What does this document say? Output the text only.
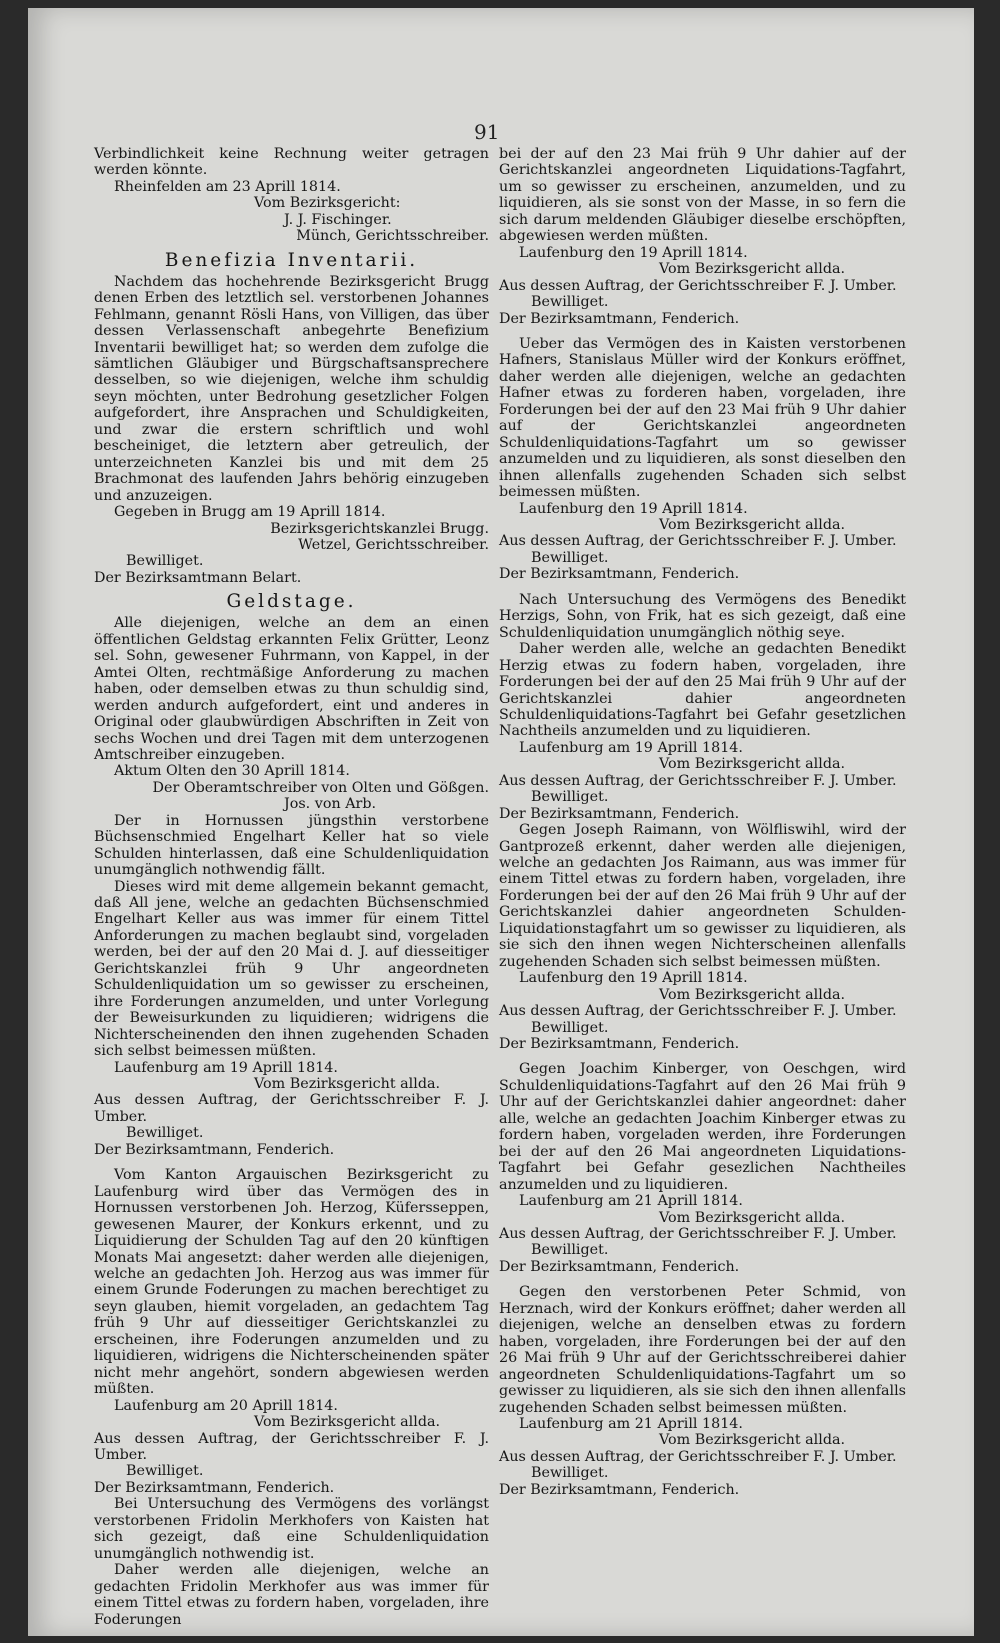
91

Verbindlichkeit keine Rechnung weiter getragen werden könnte.

Rheinfelden am 23 Aprill 1814.

Vom Bezirksgericht:

J. J. Fischinger.

Münch, Gerichtsschreiber.

Benefizia Inventarii.

Nachdem das hochehrende Bezirksgericht Brugg denen Erben des letztlich sel. verstorbenen Johannes Fehlmann, genannt Rösli Hans, von Villigen, das über dessen Verlassenschaft anbegehrte Benefizium Inventarii bewilliget hat; so werden dem zufolge die sämtlichen Gläubiger und Bürgschaftsansprechere desselben, so wie diejenigen, welche ihm schuldig seyn möchten, unter Bedrohung gesetzlicher Folgen aufgefordert, ihre Ansprachen und Schuldigkeiten, und zwar die erstern schriftlich und wohl bescheiniget, die letztern aber getreulich, der unterzeichneten Kanzlei bis und mit dem 25 Brachmonat des laufenden Jahrs behörig einzugeben und anzuzeigen.

Gegeben in Brugg am 19 Aprill 1814.

Bezirksgerichtskanzlei Brugg.

Wetzel, Gerichtsschreiber.

Bewilliget.

Der Bezirksamtmann Belart.

Geldstage.

Alle diejenigen, welche an dem an einen öffentlichen Geldstag erkannten Felix Grütter, Leonz sel. Sohn, gewesener Fuhrmann, von Kappel, in der Amtei Olten, rechtmäßige Anforderung zu machen haben, oder demselben etwas zu thun schuldig sind, werden andurch aufgefordert, eint und anderes in Original oder glaubwürdigen Abschriften in Zeit von sechs Wochen und drei Tagen mit dem unterzogenen Amtschreiber einzugeben.

Aktum Olten den 30 Aprill 1814.

Der Oberamtschreiber von Olten und Gößgen.

Jos. von Arb.

Der in Hornussen jüngsthin verstorbene Büchsenschmied Engelhart Keller hat so viele Schulden hinterlassen, daß eine Schuldenliquidation unumgänglich nothwendig fällt.

Dieses wird mit deme allgemein bekannt gemacht, daß All jene, welche an gedachten Büchsenschmied Engelhart Keller aus was immer für einem Tittel Anforderungen zu machen beglaubt sind, vorgeladen werden, bei der auf den 20 Mai d. J. auf diesseitiger Gerichtskanzlei früh 9 Uhr angeordneten Schuldenliquidation um so gewisser zu erscheinen, ihre Forderungen anzumelden, und unter Vorlegung der Beweisurkunden zu liquidieren; widrigens die Nichterscheinenden den ihnen zugehenden Schaden sich selbst beimessen müßten.

Laufenburg am 19 Aprill 1814.

Vom Bezirksgericht allda.

Aus dessen Auftrag, der Gerichtsschreiber F. J. Umber.

Bewilliget.

Der Bezirksamtmann, Fenderich.

Vom Kanton Argauischen Bezirksgericht zu Laufenburg wird über das Vermögen des in Hornussen verstorbenen Joh. Herzog, Küfersseppen, gewesenen Maurer, der Konkurs erkennt, und zu Liquidierung der Schulden Tag auf den 20 künftigen Monats Mai angesetzt: daher werden alle diejenigen, welche an gedachten Joh. Herzog aus was immer für einem Grunde Foderungen zu machen berechtiget zu seyn glauben, hiemit vorgeladen, an gedachtem Tag früh 9 Uhr auf diesseitiger Gerichtskanzlei zu erscheinen, ihre Foderungen anzumelden und zu liquidieren, widrigens die Nichterscheinenden später nicht mehr angehört, sondern abgewiesen werden müßten.

Laufenburg am 20 Aprill 1814.

Vom Bezirksgericht allda.

Aus dessen Auftrag, der Gerichtsschreiber F. J. Umber.

Bewilliget.

Der Bezirksamtmann, Fenderich.

Bei Untersuchung des Vermögens des vorlängst verstorbenen Fridolin Merkhofers von Kaisten hat sich gezeigt, daß eine Schuldenliquidation unumgänglich nothwendig ist.

Daher werden alle diejenigen, welche an gedachten Fridolin Merkhofer aus was immer für einem Tittel etwas zu fordern haben, vorgeladen, ihre Foderungen

bei der auf den 23 Mai früh 9 Uhr dahier auf der Gerichtskanzlei angeordneten Liquidations-Tagfahrt, um so gewisser zu erscheinen, anzumelden, und zu liquidieren, als sie sonst von der Masse, in so fern die sich darum meldenden Gläubiger dieselbe erschöpften, abgewiesen werden müßten.

Laufenburg den 19 Aprill 1814.

Vom Bezirksgericht allda.

Aus dessen Auftrag, der Gerichtsschreiber F. J. Umber.

Bewilliget.

Der Bezirksamtmann, Fenderich.

Ueber das Vermögen des in Kaisten verstorbenen Hafners, Stanislaus Müller wird der Konkurs eröffnet, daher werden alle diejenigen, welche an gedachten Hafner etwas zu forderen haben, vorgeladen, ihre Forderungen bei der auf den 23 Mai früh 9 Uhr dahier auf der Gerichtskanzlei angeordneten Schuldenliquidations-Tagfahrt um so gewisser anzumelden und zu liquidieren, als sonst dieselben den ihnen allenfalls zugehenden Schaden sich selbst beimessen müßten.

Laufenburg den 19 Aprill 1814.

Vom Bezirksgericht allda.

Aus dessen Auftrag, der Gerichtsschreiber F. J. Umber.

Bewilliget.

Der Bezirksamtmann, Fenderich.

Nach Untersuchung des Vermögens des Benedikt Herzigs, Sohn, von Frik, hat es sich gezeigt, daß eine Schuldenliquidation unumgänglich nöthig seye.

Daher werden alle, welche an gedachten Benedikt Herzig etwas zu fodern haben, vorgeladen, ihre Forderungen bei der auf den 25 Mai früh 9 Uhr auf der Gerichtskanzlei dahier angeordneten Schuldenliquidations-Tagfahrt bei Gefahr gesetzlichen Nachtheils anzumelden und zu liquidieren.

Laufenburg am 19 Aprill 1814.

Vom Bezirksgericht allda.

Aus dessen Auftrag, der Gerichtsschreiber F. J. Umber.

Bewilliget.

Der Bezirksamtmann, Fenderich.

Gegen Joseph Raimann, von Wölfliswihl, wird der Gantprozeß erkennt, daher werden alle diejenigen, welche an gedachten Jos Raimann, aus was immer für einem Tittel etwas zu fordern haben, vorgeladen, ihre Forderungen bei der auf den 26 Mai früh 9 Uhr auf der Gerichtskanzlei dahier angeordneten Schulden-Liquidationstagfahrt um so gewisser zu liquidieren, als sie sich den ihnen wegen Nichterscheinen allenfalls zugehenden Schaden sich selbst beimessen müßten.

Laufenburg den 19 Aprill 1814.

Vom Bezirksgericht allda.

Aus dessen Auftrag, der Gerichtsschreiber F. J. Umber.

Bewilliget.

Der Bezirksamtmann, Fenderich.

Gegen Joachim Kinberger, von Oeschgen, wird Schuldenliquidations-Tagfahrt auf den 26 Mai früh 9 Uhr auf der Gerichtskanzlei dahier angeordnet: daher alle, welche an gedachten Joachim Kinberger etwas zu fordern haben, vorgeladen werden, ihre Forderungen bei der auf den 26 Mai angeordneten Liquidations-Tagfahrt bei Gefahr gesezlichen Nachtheiles anzumelden und zu liquidieren.

Laufenburg am 21 Aprill 1814.

Vom Bezirksgericht allda.

Aus dessen Auftrag, der Gerichtsschreiber F. J. Umber.

Bewilliget.

Der Bezirksamtmann, Fenderich.

Gegen den verstorbenen Peter Schmid, von Herznach, wird der Konkurs eröffnet; daher werden all diejenigen, welche an denselben etwas zu fordern haben, vorgeladen, ihre Forderungen bei der auf den 26 Mai früh 9 Uhr auf der Gerichtsschreiberei dahier angeordneten Schuldenliquidations-Tagfahrt um so gewisser zu liquidieren, als sie sich den ihnen allenfalls zugehenden Schaden selbst beimessen müßten.

Laufenburg am 21 Aprill 1814.

Vom Bezirksgericht allda.

Aus dessen Auftrag, der Gerichtsschreiber F. J. Umber.

Bewilliget.

Der Bezirksamtmann, Fenderich.
